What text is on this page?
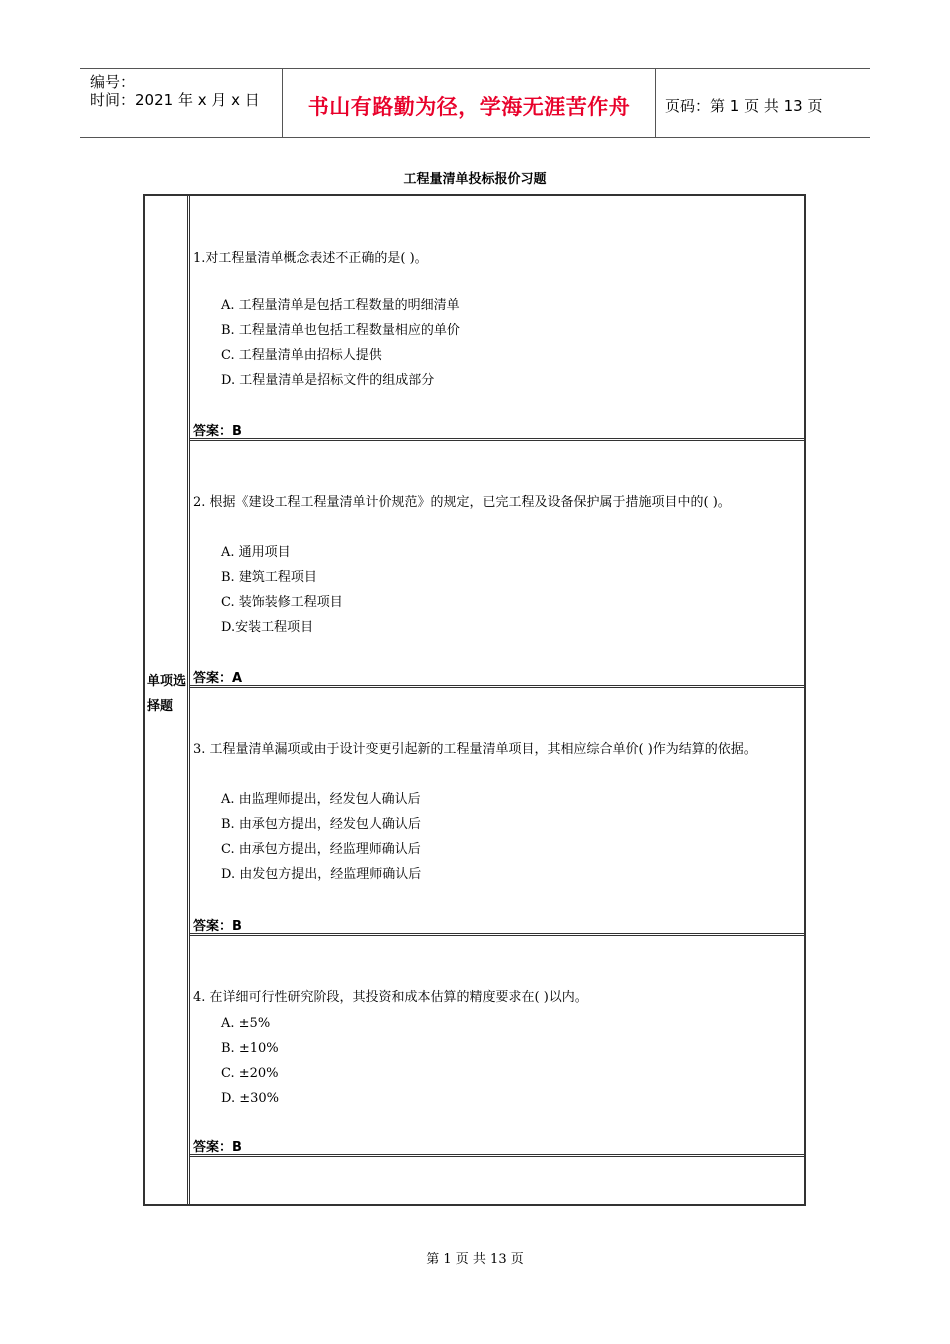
编号：
时间：2021 年 x 月 x 日	书山有路勤为径，学海无涯苦作舟	页码：第 1 页 共 13 页
工程量清单投标报价习题
单项选择题
1.对工程量清单概念表述不正确的是( )。
A. 工程量清单是包括工程数量的明细清单
B. 工程量清单也包括工程数量相应的单价
C. 工程量清单由招标人提供
D. 工程量清单是招标文件的组成部分
答案：B
2. 根据《建设工程工程量清单计价规范》的规定，已完工程及设备保护属于措施项目中的( )。
A. 通用项目
B. 建筑工程项目
C. 装饰装修工程项目
D.安装工程项目
答案：A
3. 工程量清单漏项或由于设计变更引起新的工程量清单项目，其相应综合单价( )作为结算的依据。
A. 由监理师提出，经发包人确认后
B. 由承包方提出，经发包人确认后
C. 由承包方提出，经监理师确认后
D. 由发包方提出，经监理师确认后
答案：B
4. 在详细可行性研究阶段，其投资和成本估算的精度要求在( )以内。
A. ±5%
B. ±10%
C. ±20%
D. ±30%
答案：B
第 1 页 共 13 页
